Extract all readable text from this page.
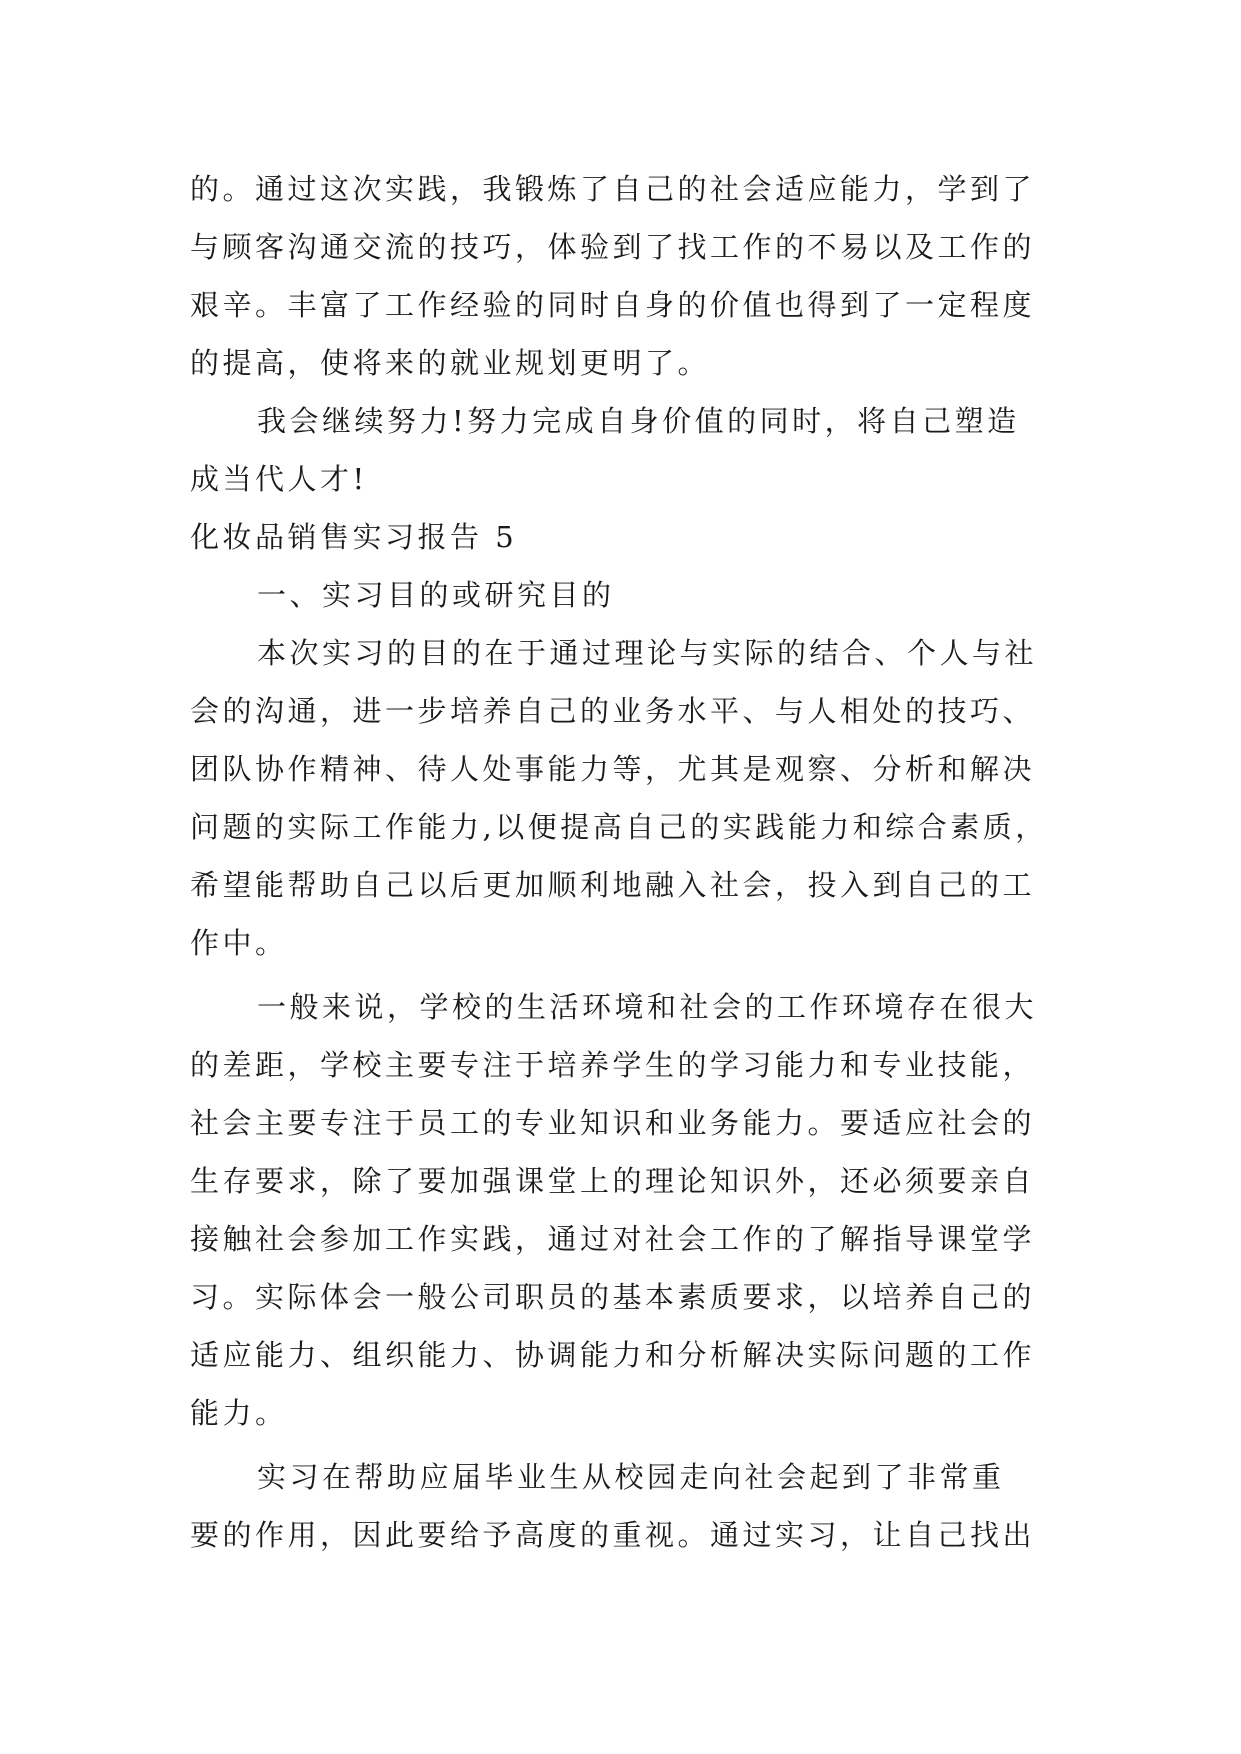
的。通过这次实践，我锻炼了自己的社会适应能力，学到了
与顾客沟通交流的技巧，体验到了找工作的不易以及工作的
艰辛。丰富了工作经验的同时自身的价值也得到了一定程度
的提高，使将来的就业规划更明了。
我会继续努力!努力完成自身价值的同时，将自己塑造
成当代人才!
化妆品销售实习报告 5
一、实习目的或研究目的
本次实习的目的在于通过理论与实际的结合、个人与社
会的沟通，进一步培养自己的业务水平、与人相处的技巧、
团队协作精神、待人处事能力等，尤其是观察、分析和解决
问题的实际工作能力,以便提高自己的实践能力和综合素质，
希望能帮助自己以后更加顺利地融入社会，投入到自己的工
作中。
一般来说，学校的生活环境和社会的工作环境存在很大
的差距，学校主要专注于培养学生的学习能力和专业技能，
社会主要专注于员工的专业知识和业务能力。要适应社会的
生存要求，除了要加强课堂上的理论知识外，还必须要亲自
接触社会参加工作实践，通过对社会工作的了解指导课堂学
习。实际体会一般公司职员的基本素质要求，以培养自己的
适应能力、组织能力、协调能力和分析解决实际问题的工作
能力。
实习在帮助应届毕业生从校园走向社会起到了非常重
要的作用，因此要给予高度的重视。通过实习，让自己找出
